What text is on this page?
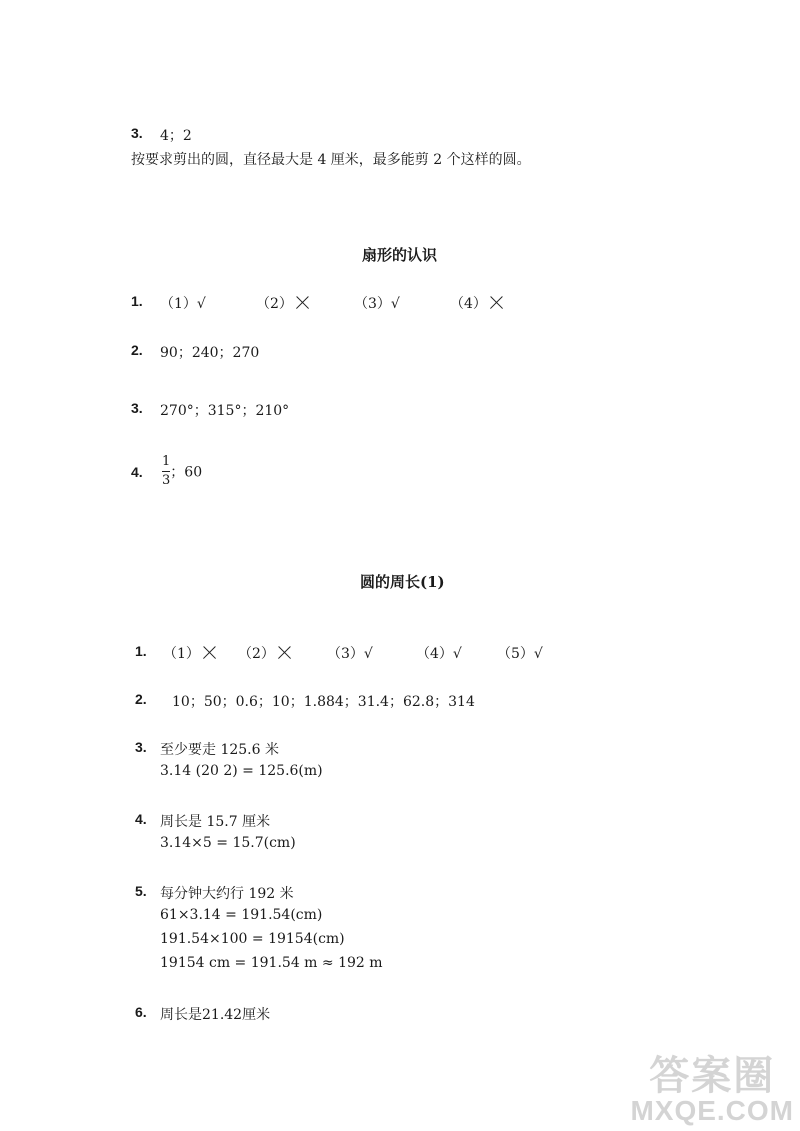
3. 4；2
按要求剪出的圆，直径最大是 4 厘米，最多能剪 2 个这样的圆。
扇形的认识
1. （1）√	（2）	（3）√	（4）
2. 90；240；270
3. 270°；315°；210°
4. $\frac{1}{3}$ ；60
圆的周长(1)
1. （1）	（2）	（3）√	（4）√	（5）√
2. 10；50；0.6；10；1.884；31.4；62.8；314
3. 至少要走 125.6 米
3.14 (20 2) = 125.6(m)
4. 周长是 15.7 厘米
3.14×5 = 15.7(cm)
5. 每分钟大约行 192 米
61×3.14 = 191.54(cm)
191.54×100 = 19154(cm)
19154 cm = 191.54 m ≈ 192 m
6. 周长是21.42厘米
答案圈
MXQE.COM
